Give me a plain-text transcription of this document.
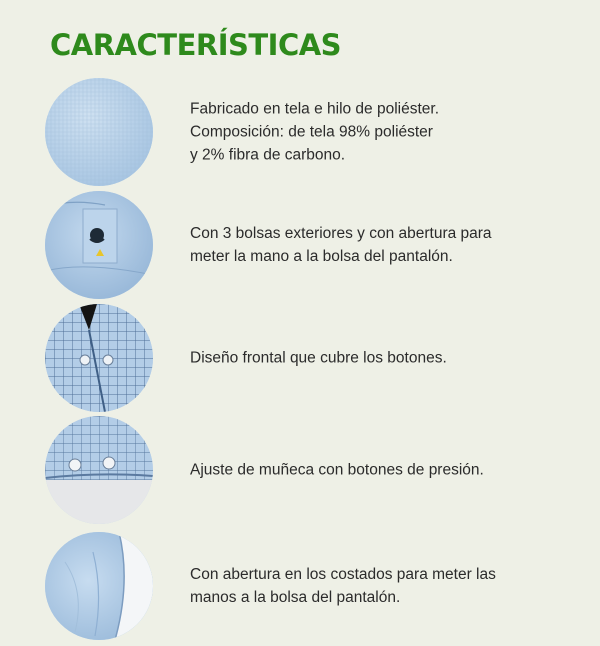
CARACTERÍSTICAS
Fabricado en tela e hilo de poliéster.
Composición: de tela 98% poliéster
y 2% fibra de carbono.
Con 3 bolsas exteriores y con abertura para
meter la mano a la bolsa del pantalón.
Diseño frontal que cubre los botones.
Ajuste de muñeca con botones de presión.
Con abertura en los costados para meter las
manos a la bolsa del pantalón.
